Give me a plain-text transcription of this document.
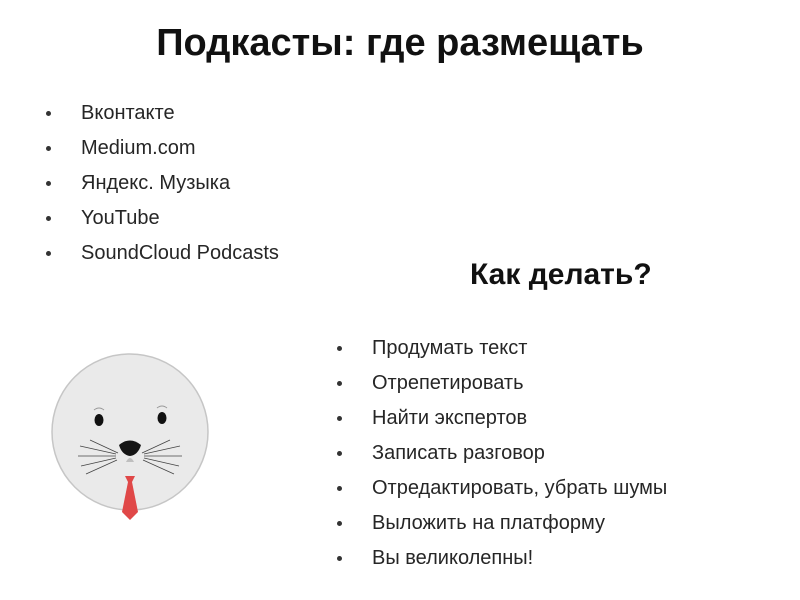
Подкасты: где размещать
Вконтакте
Medium.com
Яндекс. Музыка
YouTube
SoundCloud Podcasts
Как делать?
Продумать текст
Отрепетировать
Найти экспертов
Записать разговор
Отредактировать, убрать шумы
Выложить на платформу
Вы великолепны!
